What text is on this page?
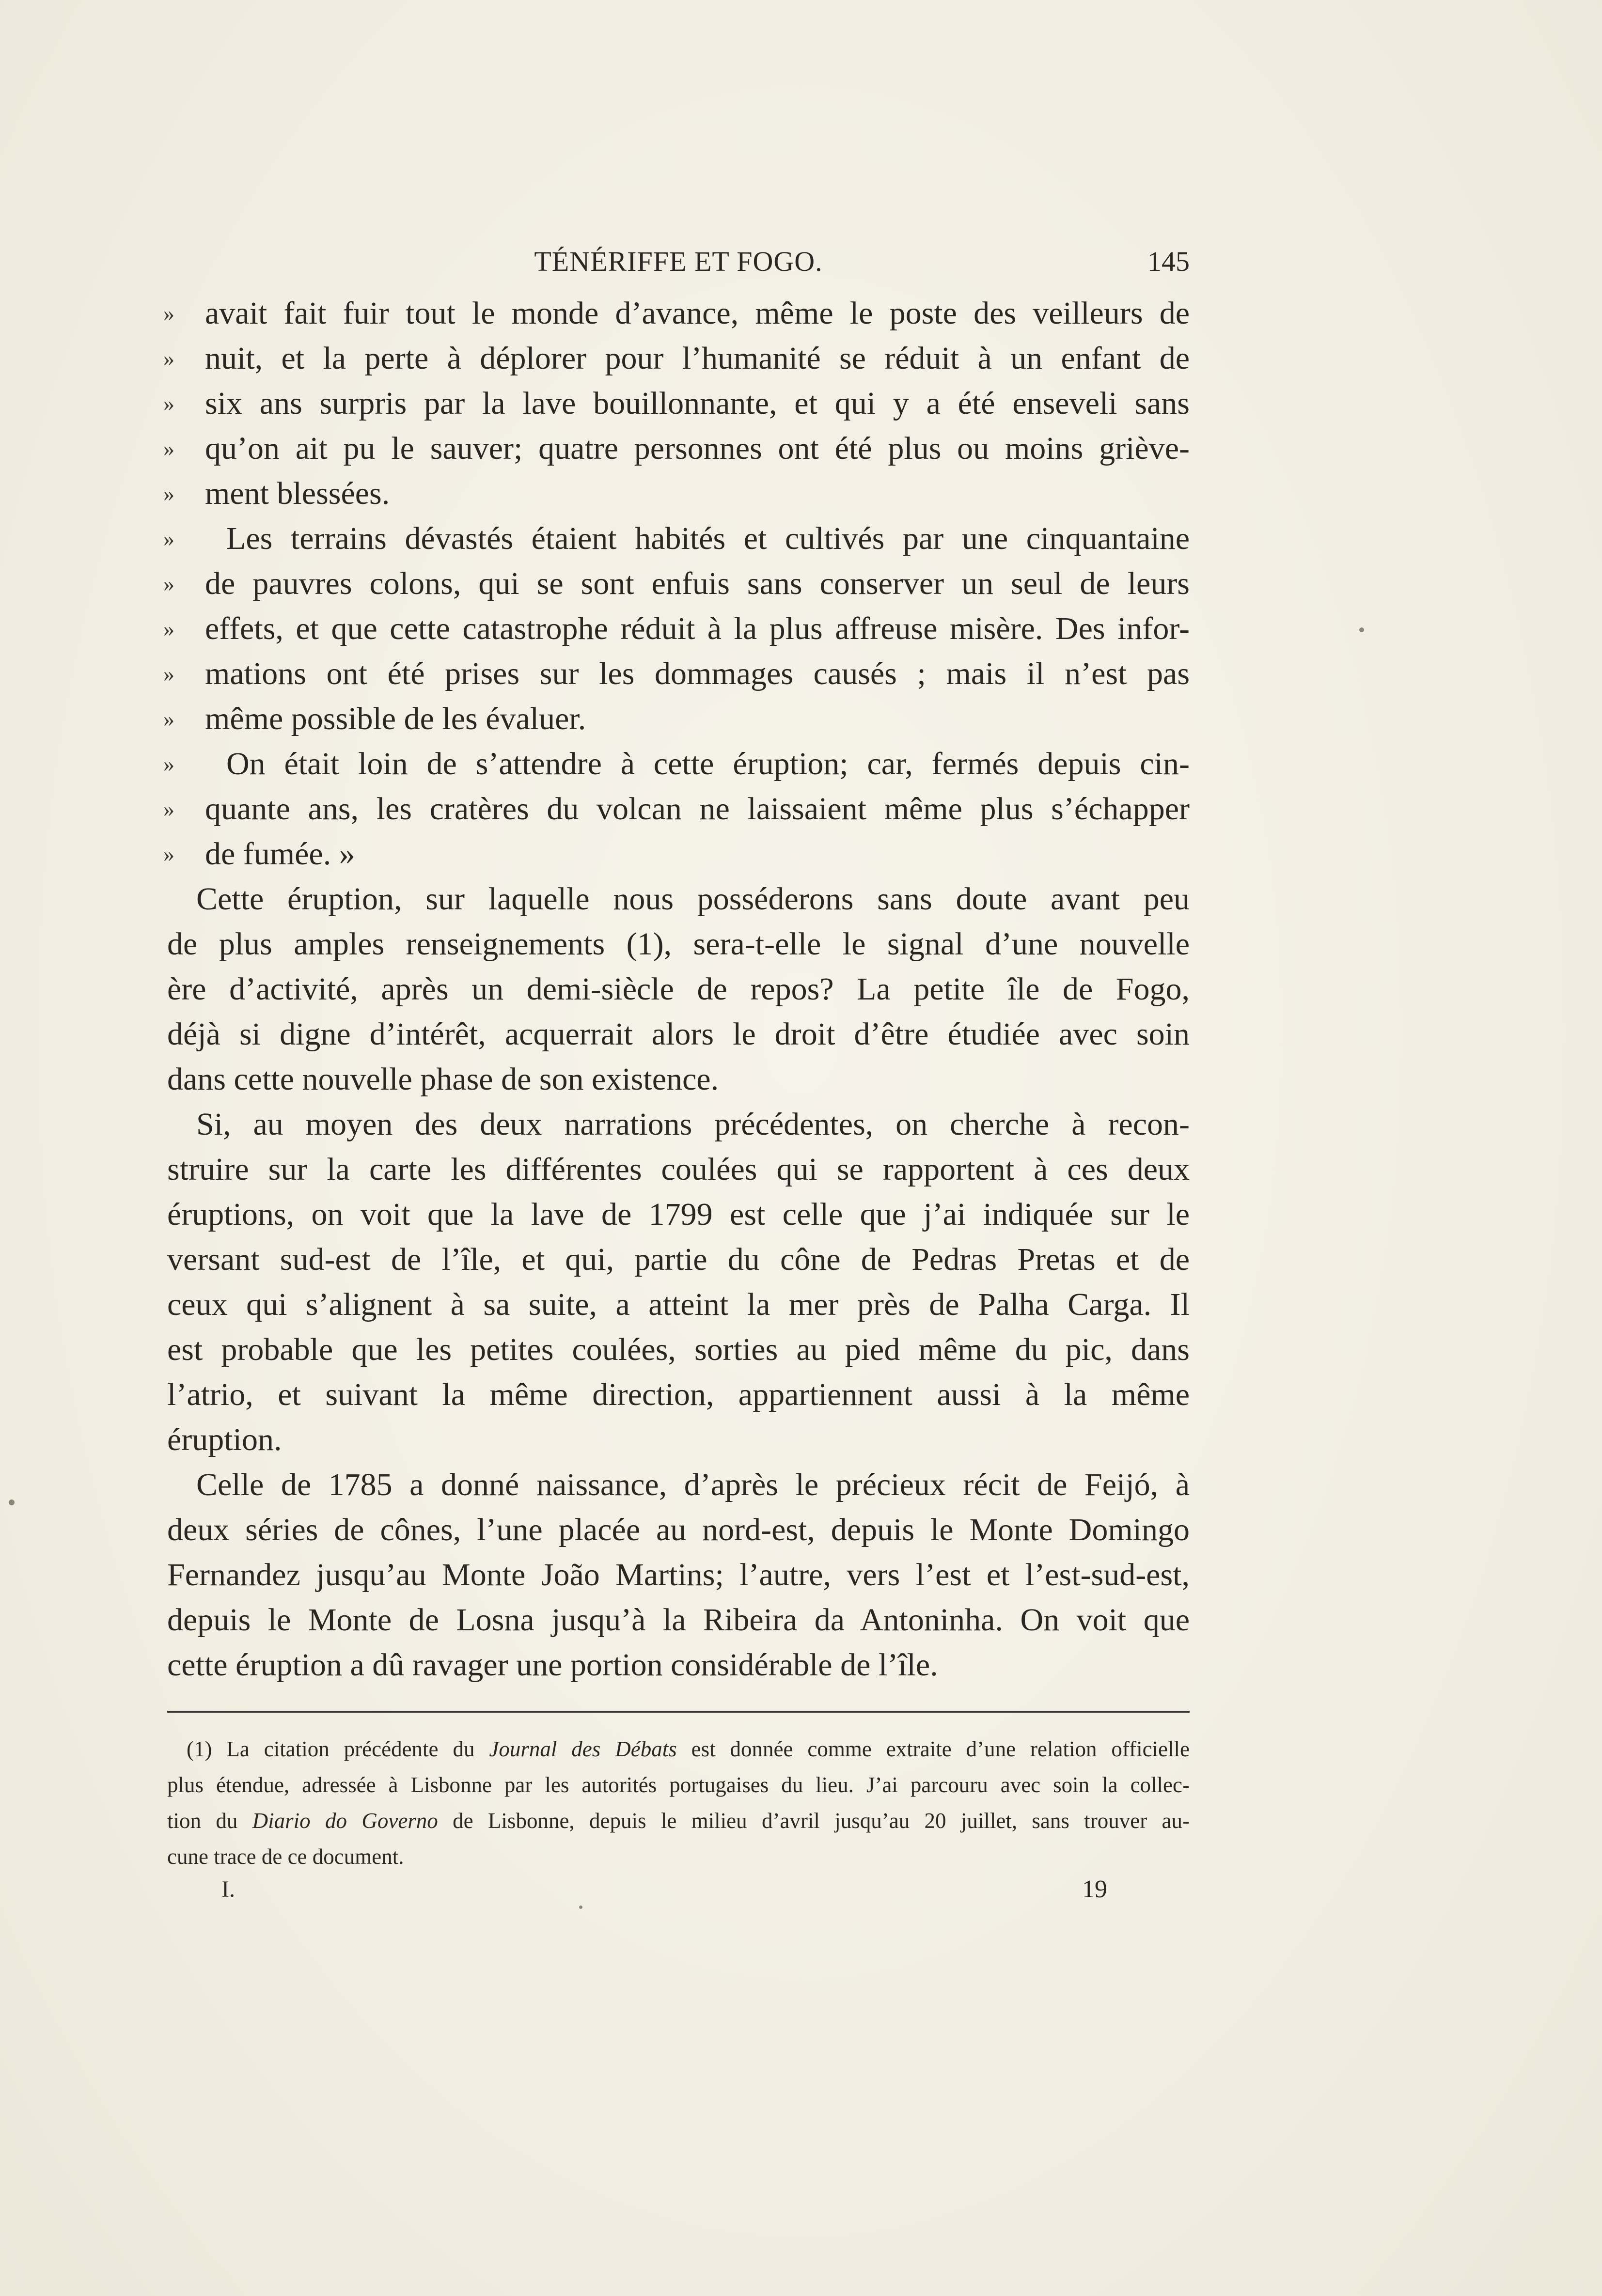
TÉNÉRIFFE ET FOGO.	145
» avait fait fuir tout le monde d’avance, même le poste des veilleurs de
» nuit, et la perte à déplorer pour l’humanité se réduit à un enfant de
» six ans surpris par la lave bouillonnante, et qui y a été enseveli sans
» qu’on ait pu le sauver; quatre personnes ont été plus ou moins griève-
» ment blessées.
»	Les terrains dévastés étaient habités et cultivés par une cinquantaine
» de pauvres colons, qui se sont enfuis sans conserver un seul de leurs
» effets, et que cette catastrophe réduit à la plus affreuse misère. Des infor-
» mations ont été prises sur les dommages causés ; mais il n’est pas
» même possible de les évaluer.
»	On était loin de s’attendre à cette éruption; car, fermés depuis cin-
» quante ans, les cratères du volcan ne laissaient même plus s’échapper
» de fumée. »
Cette éruption, sur laquelle nous posséderons sans doute avant peu
de plus amples renseignements (1), sera-t-elle le signal d’une nouvelle
ère d’activité, après un demi-siècle de repos? La petite île de Fogo,
déjà si digne d’intérêt, acquerrait alors le droit d’être étudiée avec soin
dans cette nouvelle phase de son existence.
Si, au moyen des deux narrations précédentes, on cherche à recon-
struire sur la carte les différentes coulées qui se rapportent à ces deux
éruptions, on voit que la lave de 1799 est celle que j’ai indiquée sur le
versant sud-est de l’île, et qui, partie du cône de Pedras Pretas et de
ceux qui s’alignent à sa suite, a atteint la mer près de Palha Carga. Il
est probable que les petites coulées, sorties au pied même du pic, dans
l’atrio, et suivant la même direction, appartiennent aussi à la même
éruption.
Celle de 1785 a donné naissance, d’après le précieux récit de Feijó, à
deux séries de cônes, l’une placée au nord-est, depuis le Monte Domingo
Fernandez jusqu’au Monte João Martins; l’autre, vers l’est et l’est-sud-est,
depuis le Monte de Losna jusqu’à la Ribeira da Antoninha. On voit que
cette éruption a dû ravager une portion considérable de l’île.
(1) La citation précédente du Journal des Débats est donnée comme extraite d’une relation officielle
plus étendue, adressée à Lisbonne par les autorités portugaises du lieu. J’ai parcouru avec soin la collec-
tion du Diario do Governo de Lisbonne, depuis le milieu d’avril jusqu’au 20 juillet, sans trouver au-
cune trace de ce document.
I.	19
